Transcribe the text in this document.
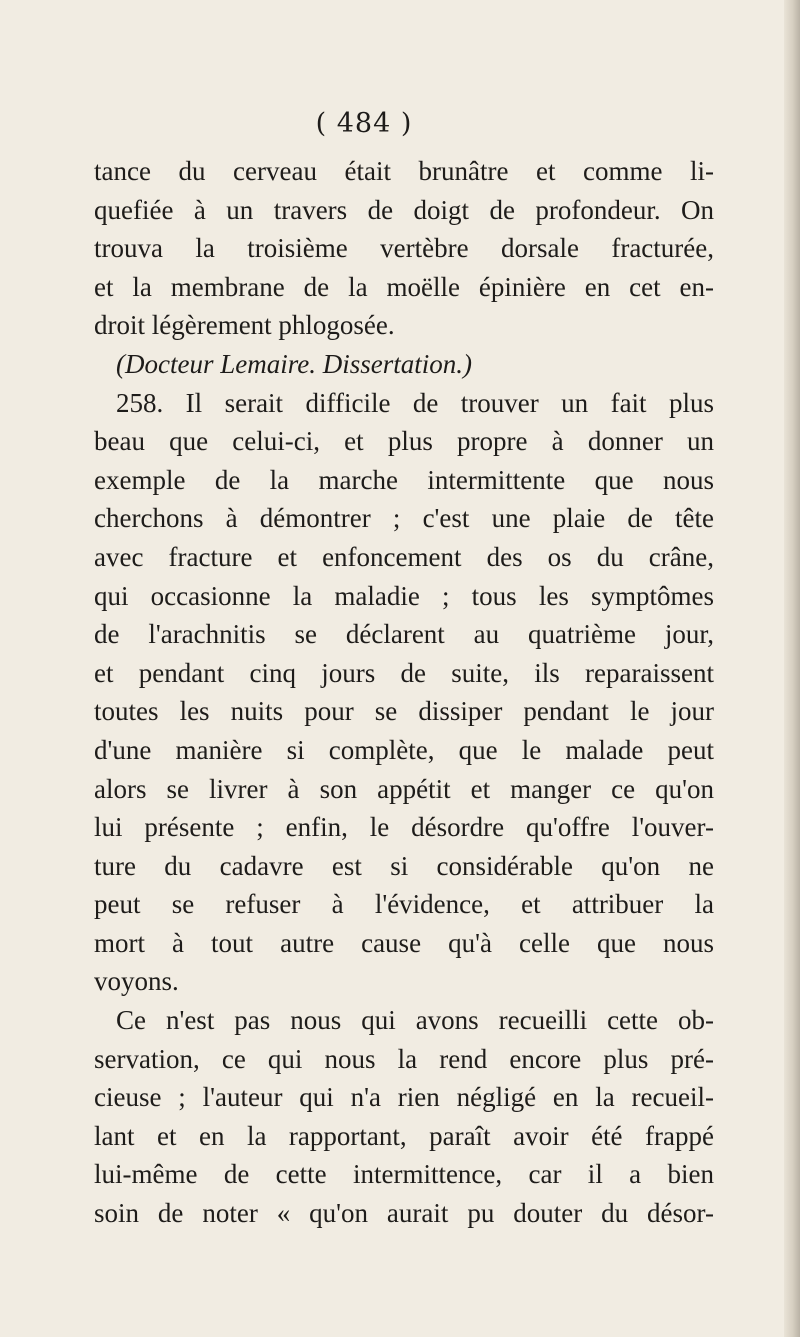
( 484 )
tance du cerveau était brunâtre et comme li-
quefiée à un travers de doigt de profondeur. On
trouva la troisième vertèbre dorsale fracturée,
et la membrane de la moëlle épinière en cet en-
droit légèrement phlogosée.
(Docteur Lemaire. Dissertation.)
258. Il serait difficile de trouver un fait plus
beau que celui-ci, et plus propre à donner un
exemple de la marche intermittente que nous
cherchons à démontrer ; c'est une plaie de tête
avec fracture et enfoncement des os du crâne,
qui occasionne la maladie ; tous les symptômes
de l'arachnitis se déclarent au quatrième jour,
et pendant cinq jours de suite, ils reparaissent
toutes les nuits pour se dissiper pendant le jour
d'une manière si complète, que le malade peut
alors se livrer à son appétit et manger ce qu'on
lui présente ; enfin, le désordre qu'offre l'ouver-
ture du cadavre est si considérable qu'on ne
peut se refuser à l'évidence, et attribuer la
mort à tout autre cause qu'à celle que nous
voyons.
Ce n'est pas nous qui avons recueilli cette ob-
servation, ce qui nous la rend encore plus pré-
cieuse ; l'auteur qui n'a rien négligé en la recueil-
lant et en la rapportant, paraît avoir été frappé
lui-même de cette intermittence, car il a bien
soin de noter « qu'on aurait pu douter du désor-
